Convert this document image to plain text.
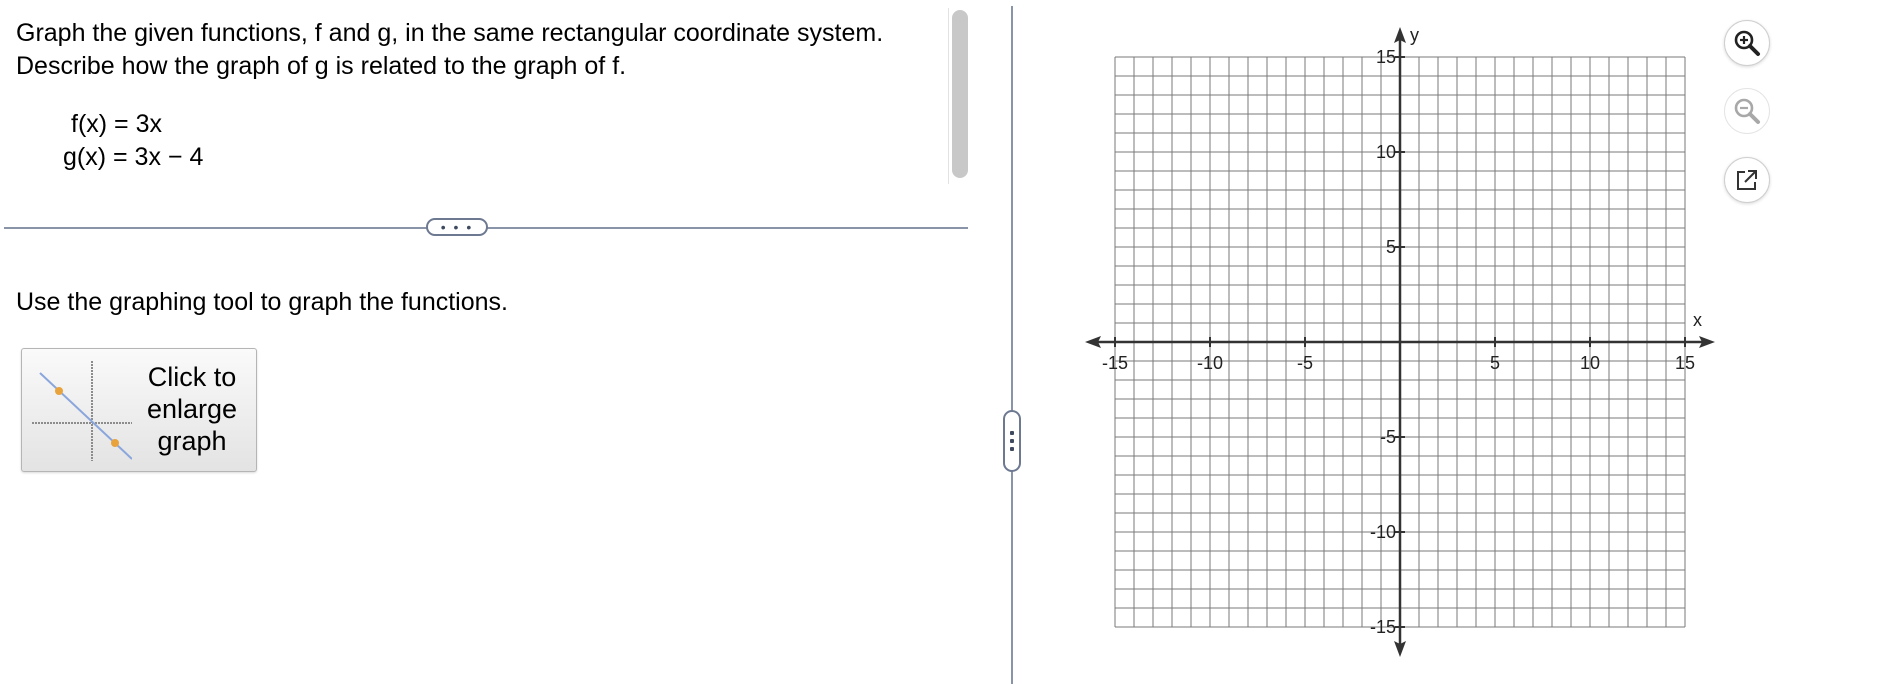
Graph the given functions, f and g, in the same rectangular coordinate system.
Describe how the graph of g is related to the graph of f.
f(x) = 3x
g(x) = 3x − 4
• • •
Use the graphing tool to graph the functions.
Click to
enlarge
graph
-15
-15
-10
-10
-5
-5
5
5
10
10
15
15
x
y
